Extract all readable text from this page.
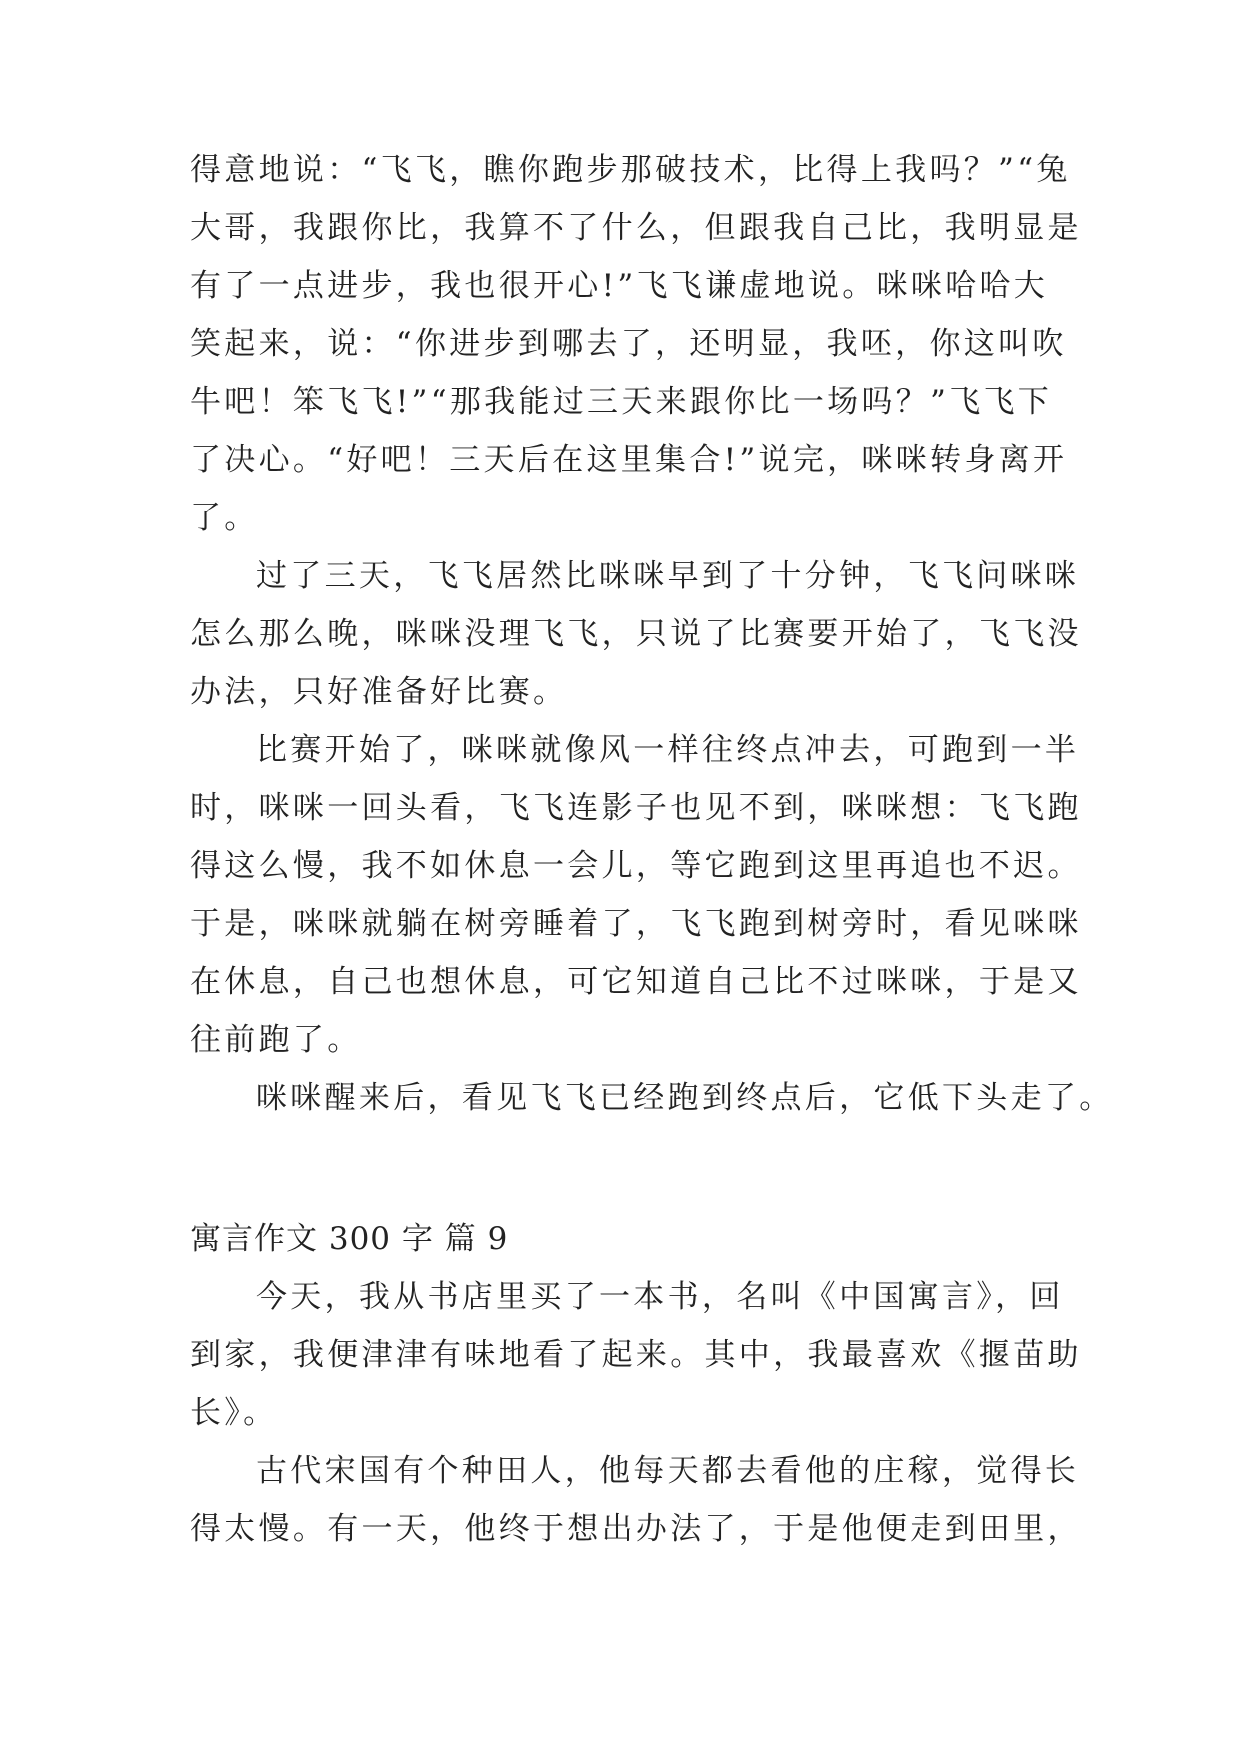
得意地说：“飞飞，瞧你跑步那破技术，比得上我吗？”“兔
大哥，我跟你比，我算不了什么，但跟我自己比，我明显是
有了一点进步，我也很开心!”飞飞谦虚地说。咪咪哈哈大
笑起来，说：“你进步到哪去了，还明显，我呸，你这叫吹
牛吧！笨飞飞!”“那我能过三天来跟你比一场吗？”飞飞下
了决心。“好吧！三天后在这里集合!”说完，咪咪转身离开
了。
过了三天，飞飞居然比咪咪早到了十分钟，飞飞问咪咪
怎么那么晚，咪咪没理飞飞，只说了比赛要开始了，飞飞没
办法，只好准备好比赛。
比赛开始了，咪咪就像风一样往终点冲去，可跑到一半
时，咪咪一回头看，飞飞连影子也见不到，咪咪想：飞飞跑
得这么慢，我不如休息一会儿，等它跑到这里再追也不迟。
于是，咪咪就躺在树旁睡着了，飞飞跑到树旁时，看见咪咪
在休息，自己也想休息，可它知道自己比不过咪咪，于是又
往前跑了。
咪咪醒来后，看见飞飞已经跑到终点后，它低下头走了。
寓言作文 300 字 篇 9
今天，我从书店里买了一本书，名叫《中国寓言》，回
到家，我便津津有味地看了起来。其中，我最喜欢《揠苗助
长》。
古代宋国有个种田人，他每天都去看他的庄稼，觉得长
得太慢。有一天，他终于想出办法了，于是他便走到田里，
